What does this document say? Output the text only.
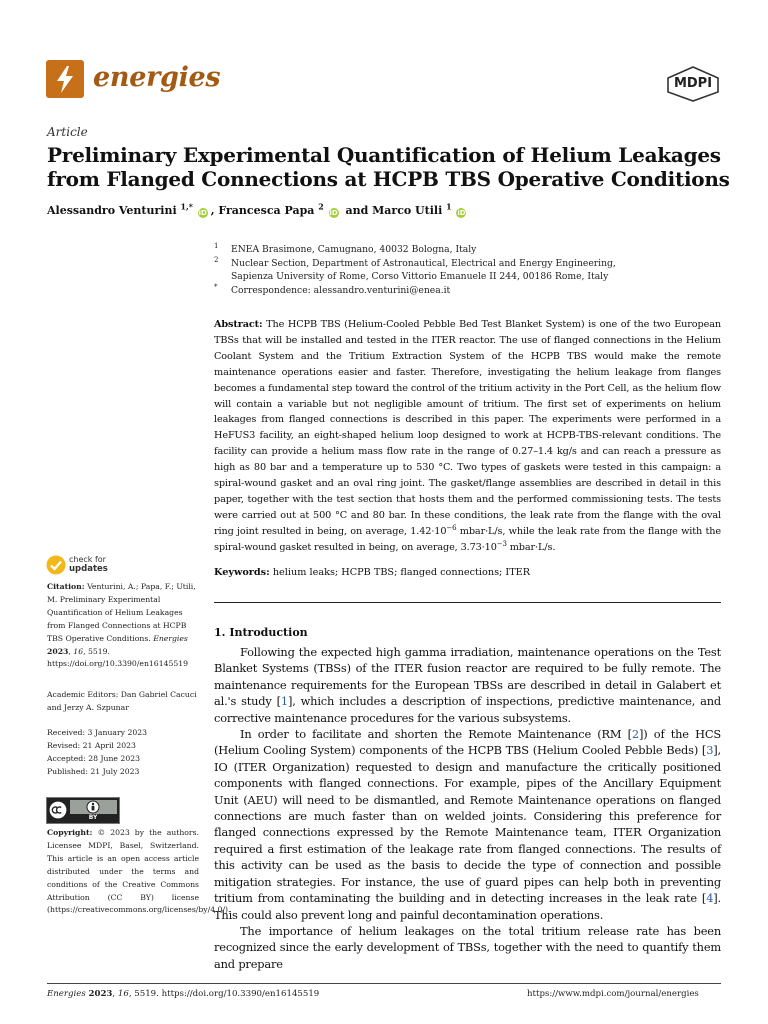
energies	MDPI
Article
Preliminary Experimental Quantification of Helium Leakages from Flanged Connections at HCPB TBS Operative Conditions
Alessandro Venturini $^{1,*}$ iD , Francesca Papa $^2$ iD and Marco Utili $^1$ iD
1 ENEA Brasimone, Camugnano, 40032 Bologna, Italy
2 Nuclear Section, Department of Astronautical, Electrical and Energy Engineering,
Sapienza University of Rome, Corso Vittorio Emanuele II 244, 00186 Rome, Italy
* Correspondence: alessandro.venturini@enea.it
Abstract: The HCPB TBS (Helium-Cooled Pebble Bed Test Blanket System) is one of the two European TBSs that will be installed and tested in the ITER reactor. The use of flanged connections in the Helium Coolant System and the Tritium Extraction System of the HCPB TBS would make the remote maintenance operations easier and faster. Therefore, investigating the helium leakage from flanges becomes a fundamental step toward the control of the tritium activity in the Port Cell, as the helium flow will contain a variable but not negligible amount of tritium. The first set of experiments on helium leakages from flanged connections is described in this paper. The experiments were performed in a HeFUS3 facility, an eight-shaped helium loop designed to work at HCPB-TBS-relevant conditions. The facility can provide a helium mass flow rate in the range of 0.27–1.4 kg/s and can reach a pressure as high as 80 bar and a temperature up to 530 °C. Two types of gaskets were tested in this campaign: a spiral-wound gasket and an oval ring joint. The gasket/flange assemblies are described in detail in this paper, together with the test section that hosts them and the performed commissioning tests. The tests were carried out at 500 °C and 80 bar. In these conditions, the leak rate from the flange with the oval ring joint resulted in being, on average, $1.42\cdot 10^{-6}$ mbar·L/s, while the leak rate from the flange with the spiral-wound gasket resulted in being, on average, $3.73\cdot 10^{-3}$ mbar·L/s.
Keywords: helium leaks; HCPB TBS; flanged connections; ITER
1. Introduction

Following the expected high gamma irradiation, maintenance operations on the Test Blanket Systems (TBSs) of the ITER fusion reactor are required to be fully remote. The maintenance requirements for the European TBSs are described in detail in Galabert et al.'s study [1], which includes a description of inspections, predictive maintenance, and corrective maintenance procedures for the various subsystems.

In order to facilitate and shorten the Remote Maintenance (RM [2]) of the HCS (Helium Cooling System) components of the HCPB TBS (Helium Cooled Pebble Beds) [3], IO (ITER Organization) requested to design and manufacture the critically positioned components with flanged connections. For example, pipes of the Ancillary Equipment Unit (AEU) will need to be dismantled, and Remote Maintenance operations on flanged connections are much faster than on welded joints. Considering this preference for flanged connections expressed by the Remote Maintenance team, ITER Organization required a first estimation of the leakage rate from flanged connections. The results of this activity can be used as the basis to decide the type of connection and possible mitigation strategies. For instance, the use of guard pipes can help both in preventing tritium from contaminating the building and in detecting increases in the leak rate [4]. This could also prevent long and painful decontamination operations.

The importance of helium leakages on the total tritium release rate has been recognized since the early development of TBSs, together with the need to quantify them and prepare

check for
updates
Citation: Venturini, A.; Papa, F.; Utili, M. Preliminary Experimental Quantification of Helium Leakages from Flanged Connections at HCPB TBS Operative Conditions. Energies 2023, 16, 5519. https://doi.org/10.3390/en16145519
Academic Editors: Dan Gabriel Cacuci and Jerzy A. Szpunar
Received: 3 January 2023
Revised: 21 April 2023
Accepted: 28 June 2023
Published: 21 July 2023
BY
Copyright: © 2023 by the authors. Licensee MDPI, Basel, Switzerland. This article is an open access article distributed under the terms and conditions of the Creative Commons Attribution (CC BY) license (https://creativecommons.org/licenses/by/4.0/).
Energies 2023, 16, 5519. https://doi.org/10.3390/en16145519	https://www.mdpi.com/journal/energies
